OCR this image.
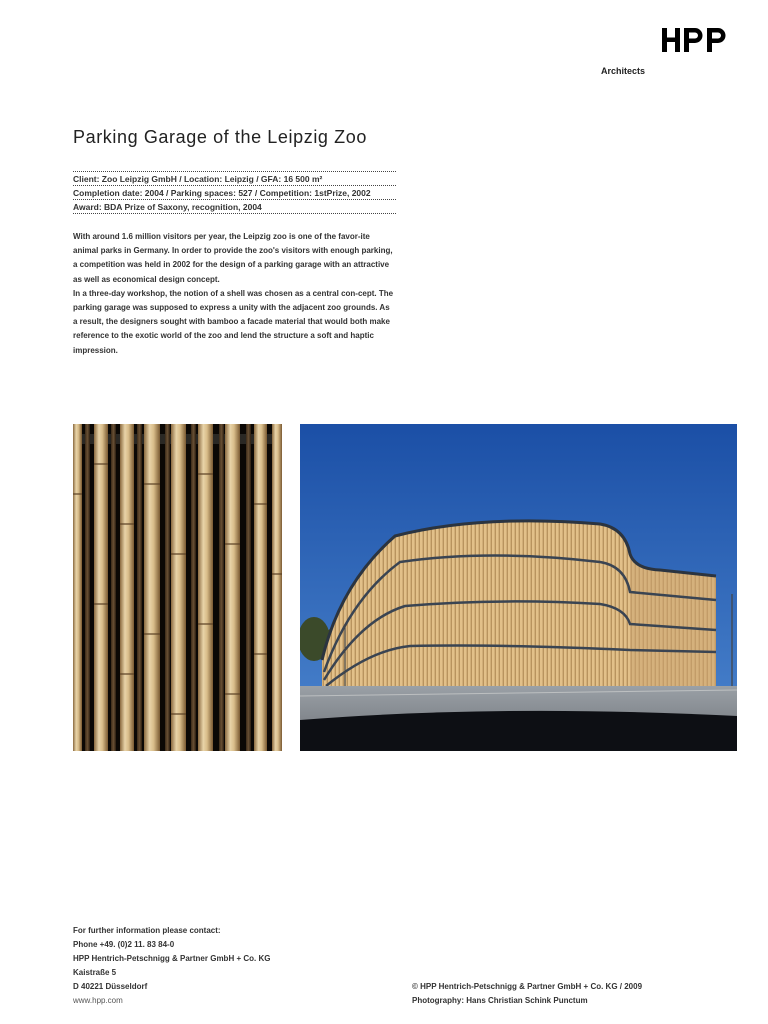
Architects
Parking Garage of the Leipzig Zoo
Client: Zoo Leipzig GmbH / Location: Leipzig / GFA: 16 500 m²
Completion date: 2004 / Parking spaces: 527 / Competition: 1stPrize, 2002
Award: BDA Prize of Saxony, recognition, 2004

With around 1.6 million visitors per year, the Leipzig zoo is one of the favor-ite animal parks in Germany. In order to provide the zoo's visitors with enough parking, a competition was held in 2002 for the design of a parking garage with an attractive as well as economical design concept.

In a three-day workshop, the notion of a shell was chosen as a central con-cept. The parking garage was supposed to express a unity with the adjacent zoo grounds. As a result, the designers sought with bamboo a facade material that would both make reference to the exotic world of the zoo and lend the structure a soft and haptic impression.

For further information please contact:
Phone +49. (0)2 11. 83 84-0
HPP Hentrich-Petschnigg & Partner GmbH + Co. KG
Kaistraße 5
D 40221 Düsseldorf
www.hpp.com
© HPP Hentrich-Petschnigg & Partner GmbH + Co. KG / 2009
Photography: Hans Christian Schink Punctum
